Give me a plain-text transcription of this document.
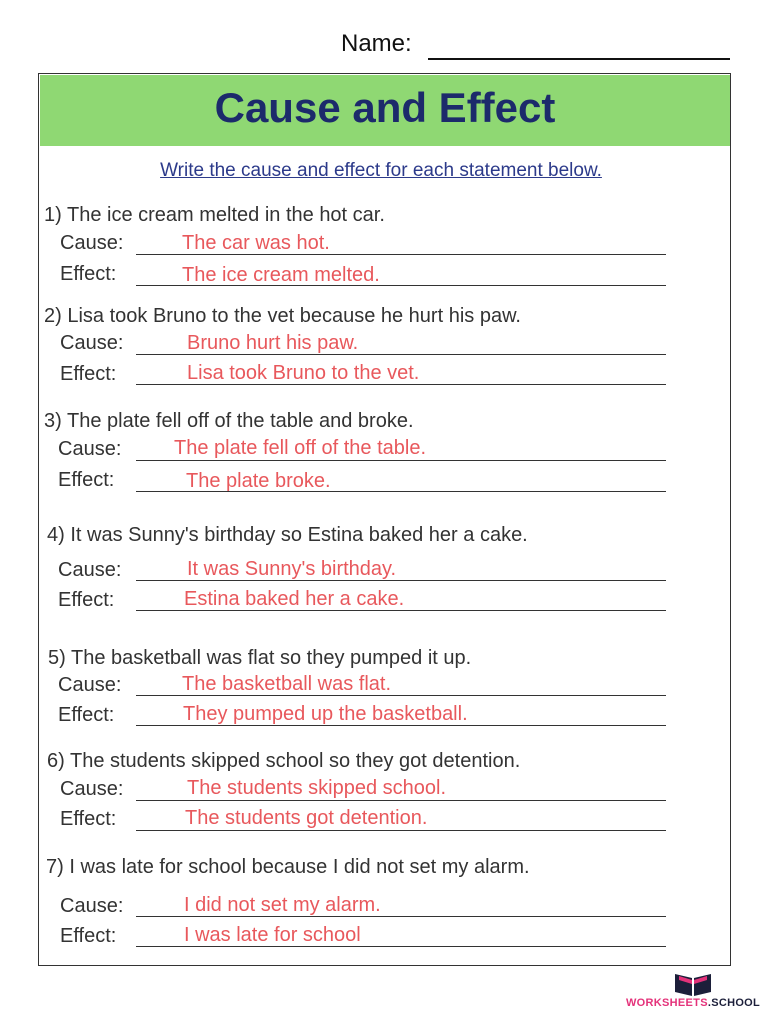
Name:
Cause and Effect
Write the cause and effect for each statement below.
1) The ice cream melted in the hot car.
Cause:	The car was hot.
Effect:	The ice cream melted.
2) Lisa took Bruno to the vet because he hurt his paw.
Cause:	Bruno hurt his paw.
Effect:	Lisa took Bruno to the vet.
3) The plate fell off of the table and broke.
Cause:	The plate fell off of the table.
Effect:	The plate broke.
4) It was Sunny's birthday so Estina baked her a cake.
Cause:	It was Sunny's birthday.
Effect:	Estina baked her a cake.
5) The basketball was flat so they pumped it up.
Cause:	The basketball was flat.
Effect:	They pumped up the basketball.
6) The students skipped school so they got detention.
Cause:	The students skipped school.
Effect:	The students got detention.
7) I was late for school because I did not set my alarm.
Cause:	I did not set my alarm.
Effect:	I was late for school
WORKSHEETS.SCHOOL
